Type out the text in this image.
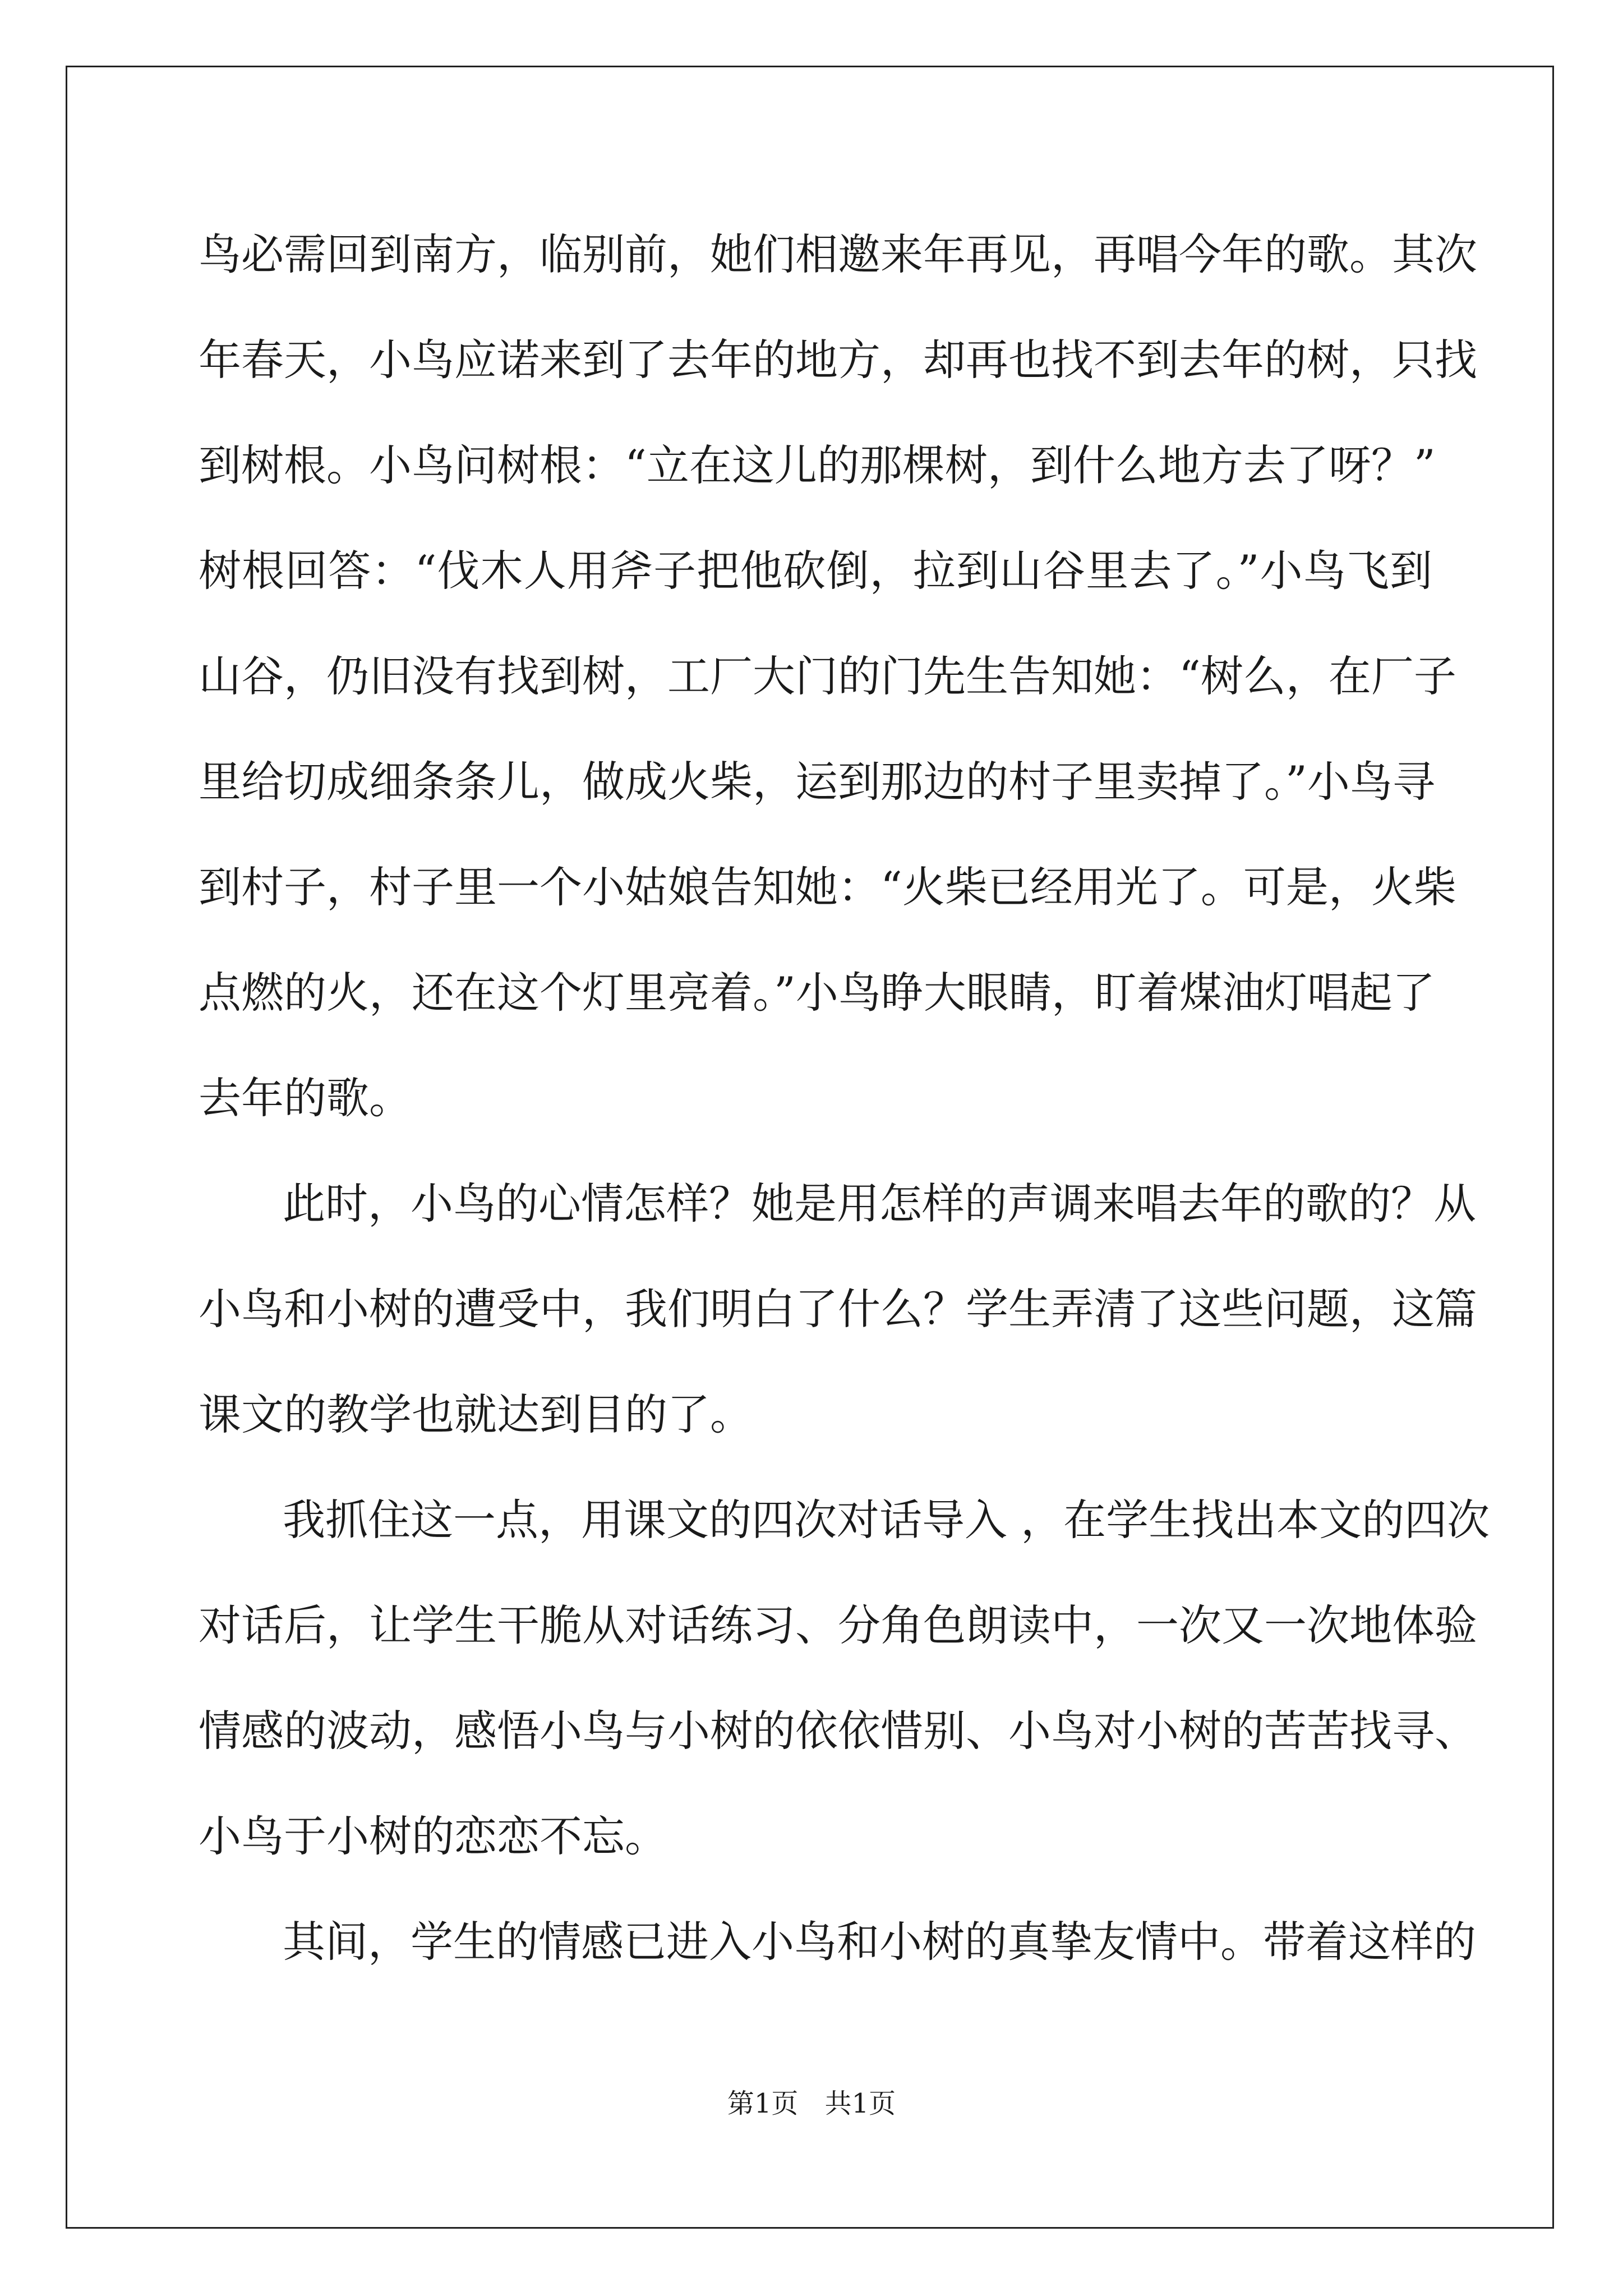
鸟必需回到南方，临别前，她们相邀来年再见，再唱今年的歌。其次
年春天，小鸟应诺来到了去年的地方，却再也找不到去年的树，只找
到树根。小鸟问树根：“立在这儿的那棵树，到什么地方去了呀？”
树根回答：“伐木人用斧子把他砍倒，拉到山谷里去了。”小鸟飞到
山谷，仍旧没有找到树，工厂大门的门先生告知她：“树么，在厂子
里给切成细条条儿，做成火柴，运到那边的村子里卖掉了。”小鸟寻
到村子，村子里一个小姑娘告知她：“火柴已经用光了。可是，火柴
点燃的火，还在这个灯里亮着。”小鸟睁大眼睛，盯着煤油灯唱起了
去年的歌。
此时，小鸟的心情怎样？她是用怎样的声调来唱去年的歌的？从
小鸟和小树的遭受中，我们明白了什么？学生弄清了这些问题，这篇
课文的教学也就达到目的了。
我抓住这一点，用课文的四次对话导入 ，在学生找出本文的四次
对话后，让学生干脆从对话练习、分角色朗读中，一次又一次地体验
情感的波动，感悟小鸟与小树的依依惜别、小鸟对小树的苦苦找寻、
小鸟于小树的恋恋不忘。
其间，学生的情感已进入小鸟和小树的真挚友情中。带着这样的
第1页 共1页
